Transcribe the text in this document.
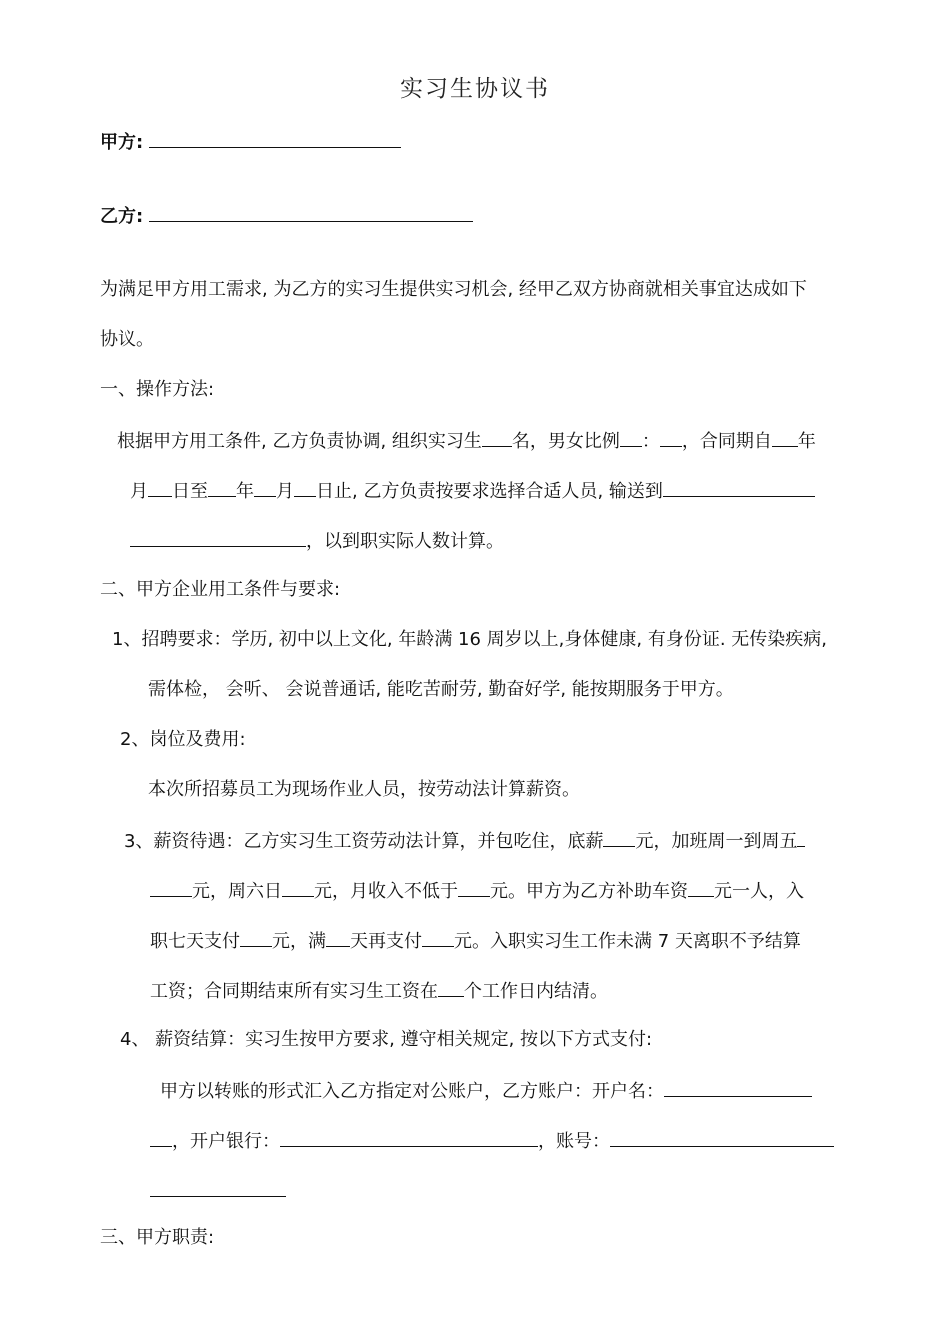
实习生协议书
甲方:
乙方:
为满足甲方用工需求, 为乙方的实习生提供实习机会, 经甲乙双方协商就相关事宜达成如下
协议。
一、操作方法:
根据甲方用工条件, 乙方负责协调, 组织实习生 名，男女比例 ： ，合同期自 年
月 日至 年 月 日止, 乙方负责按要求选择合适人员, 输送到
，以到职实际人数计算。
二、甲方企业用工条件与要求:
1、招聘要求：学历, 初中以上文化, 年龄满 16 周岁以上,身体健康, 有身份证. 无传染疾病,
需体检， 会听、 会说普通话, 能吃苦耐劳, 勤奋好学, 能按期服务于甲方。
2、岗位及费用:
本次所招募员工为现场作业人员，按劳动法计算薪资。
3、薪资待遇：乙方实习生工资劳动法计算，并包吃住，底薪 元，加班周一到周五
元，周六日 元，月收入不低于 元。甲方为乙方补助车资 元一人，入
职七天支付 元，满 天再支付 元。入职实习生工作未满 7 天离职不予结算
工资；合同期结束所有实习生工资在 个工作日内结清。
4、 薪资结算：实习生按甲方要求, 遵守相关规定, 按以下方式支付:
甲方以转账的形式汇入乙方指定对公账户，乙方账户：开户名：
，开户银行：	，账号：
三、甲方职责:
